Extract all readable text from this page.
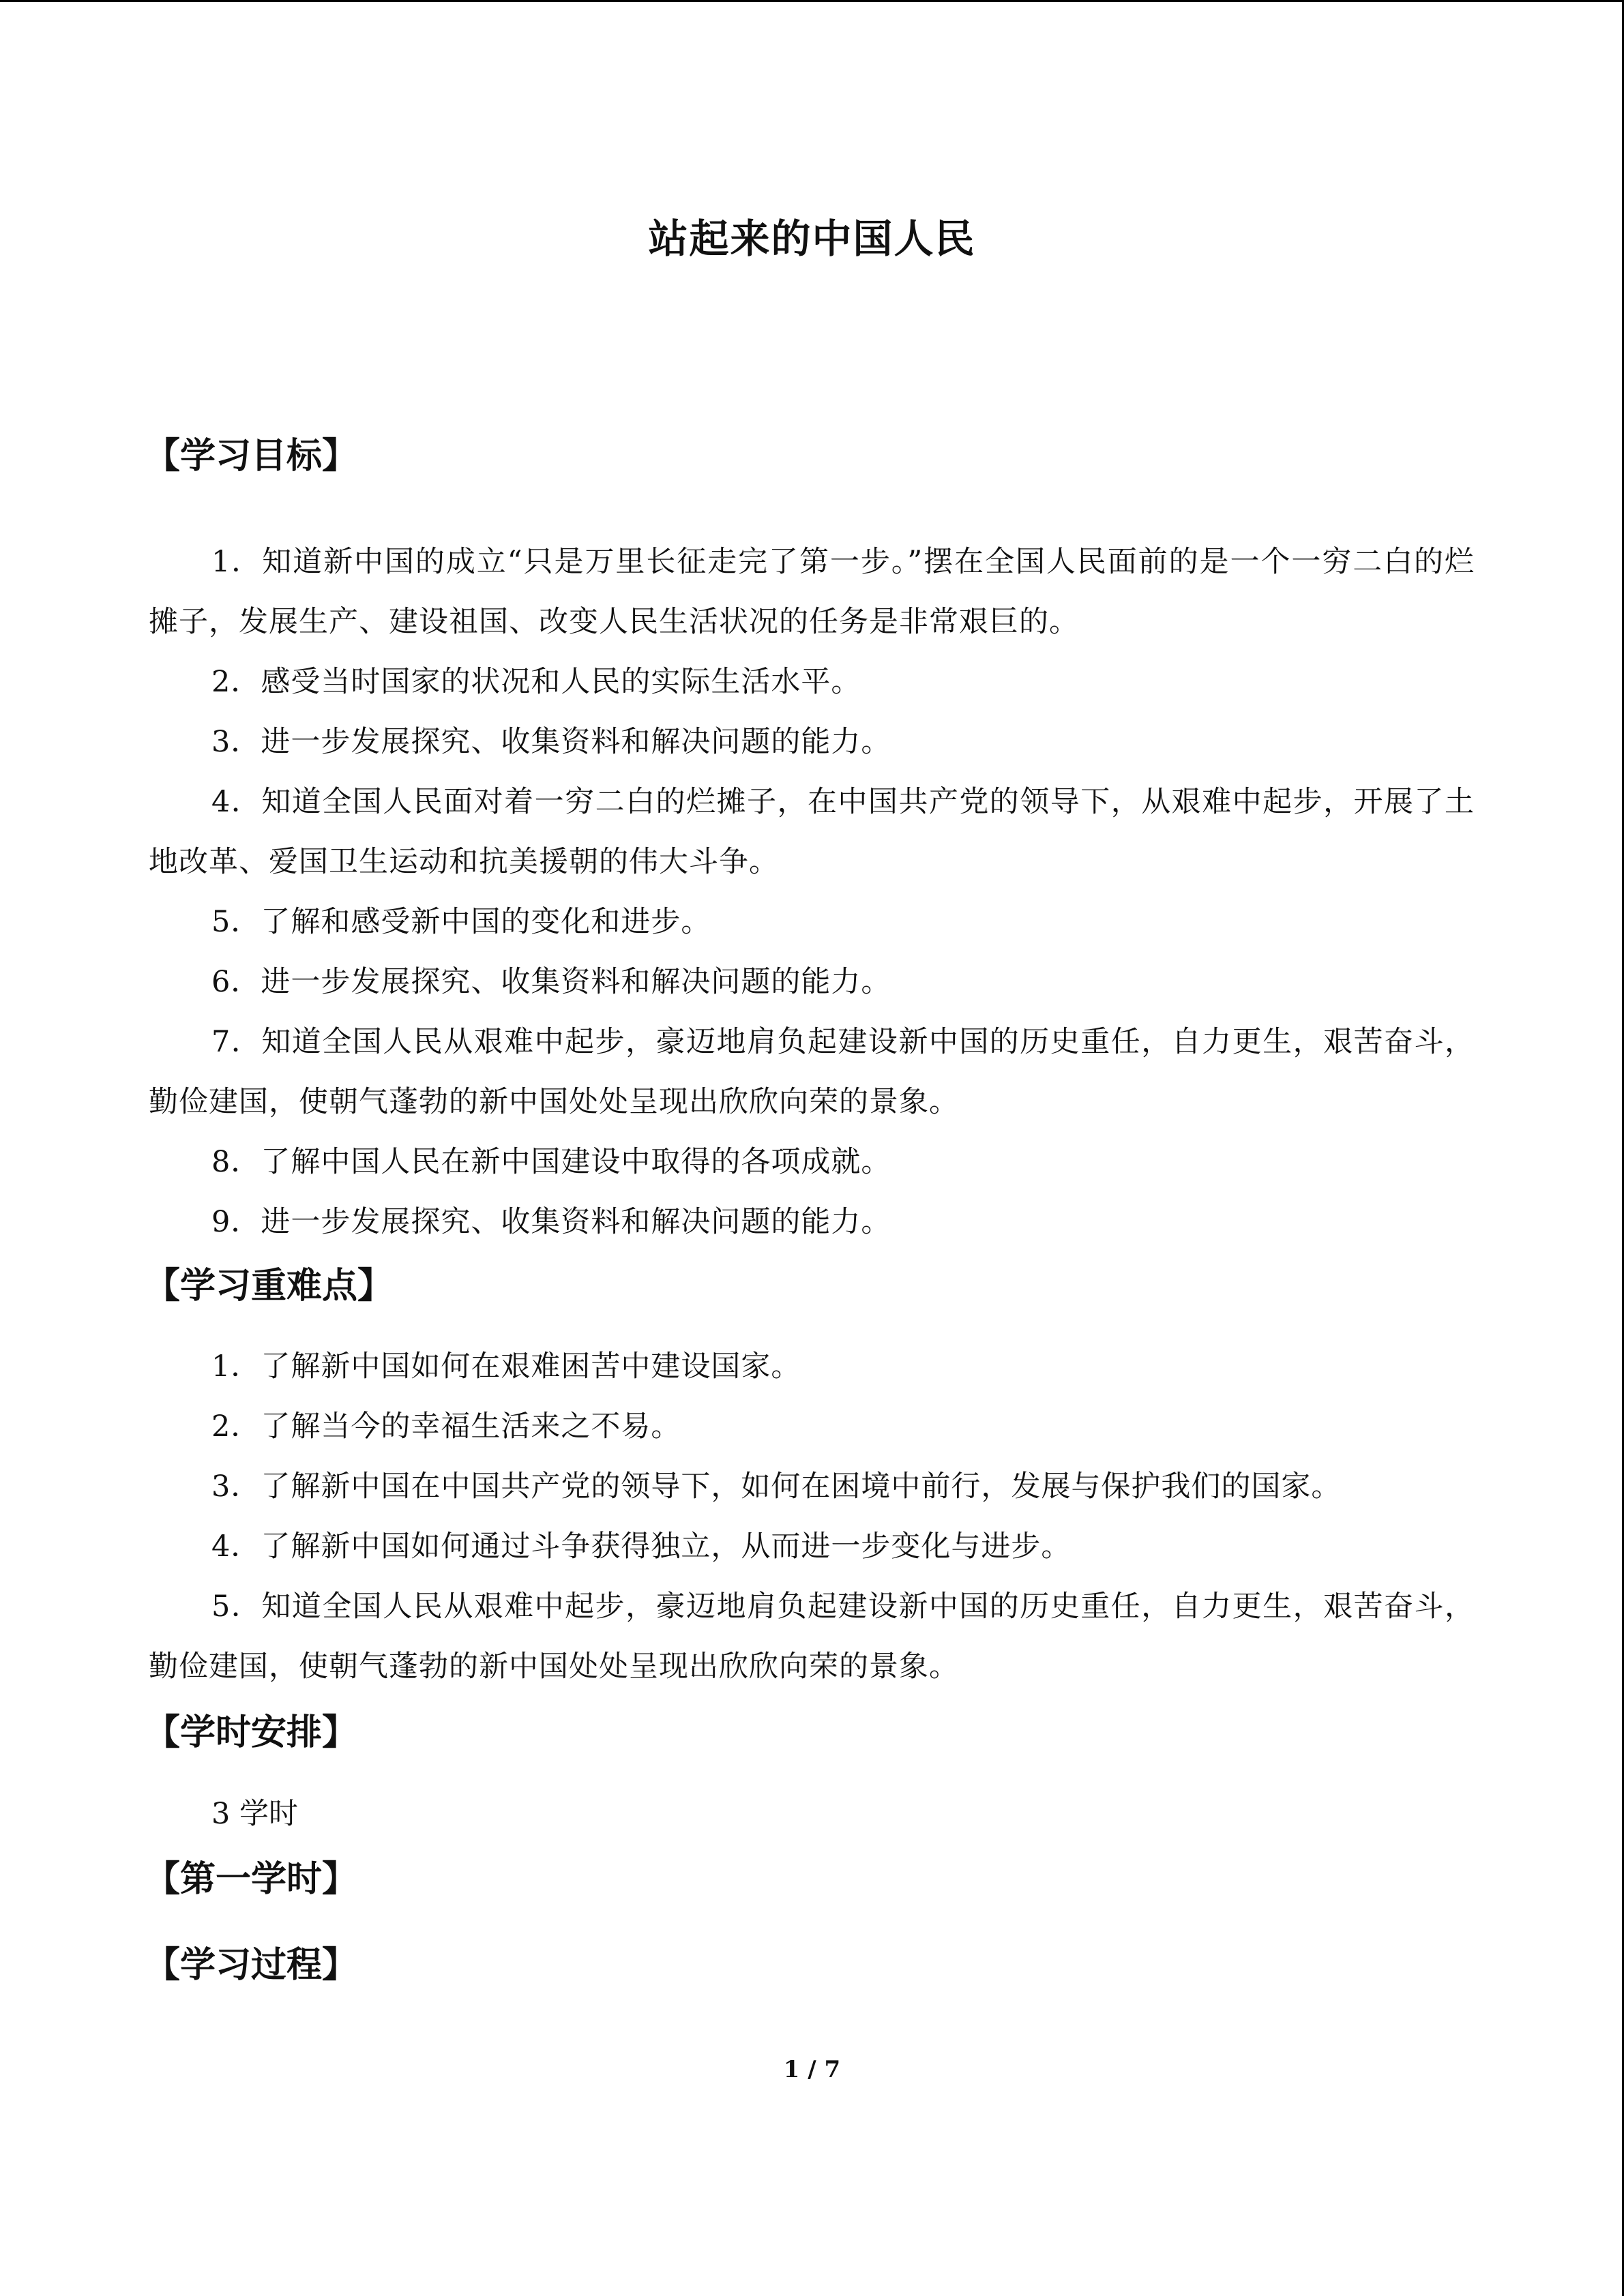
站起来的中国人民
【学习目标】

1．知道新中国的成立“只是万里长征走完了第一步。”摆在全国人民面前的是一个一穷二白的烂摊子，发展生产、建设祖国、改变人民生活状况的任务是非常艰巨的。

2．感受当时国家的状况和人民的实际生活水平。

3．进一步发展探究、收集资料和解决问题的能力。

4．知道全国人民面对着一穷二白的烂摊子，在中国共产党的领导下，从艰难中起步，开展了土地改革、爱国卫生运动和抗美援朝的伟大斗争。

5．了解和感受新中国的变化和进步。

6．进一步发展探究、收集资料和解决问题的能力。

7．知道全国人民从艰难中起步，豪迈地肩负起建设新中国的历史重任，自力更生，艰苦奋斗，勤俭建国，使朝气蓬勃的新中国处处呈现出欣欣向荣的景象。

8．了解中国人民在新中国建设中取得的各项成就。

9．进一步发展探究、收集资料和解决问题的能力。

【学习重难点】

1．了解新中国如何在艰难困苦中建设国家。

2．了解当今的幸福生活来之不易。

3．了解新中国在中国共产党的领导下，如何在困境中前行，发展与保护我们的国家。

4．了解新中国如何通过斗争获得独立，从而进一步变化与进步。

5．知道全国人民从艰难中起步，豪迈地肩负起建设新中国的历史重任，自力更生，艰苦奋斗，勤俭建国，使朝气蓬勃的新中国处处呈现出欣欣向荣的景象。

【学时安排】
3 学时
【第一学时】
【学习过程】
1 / 7
